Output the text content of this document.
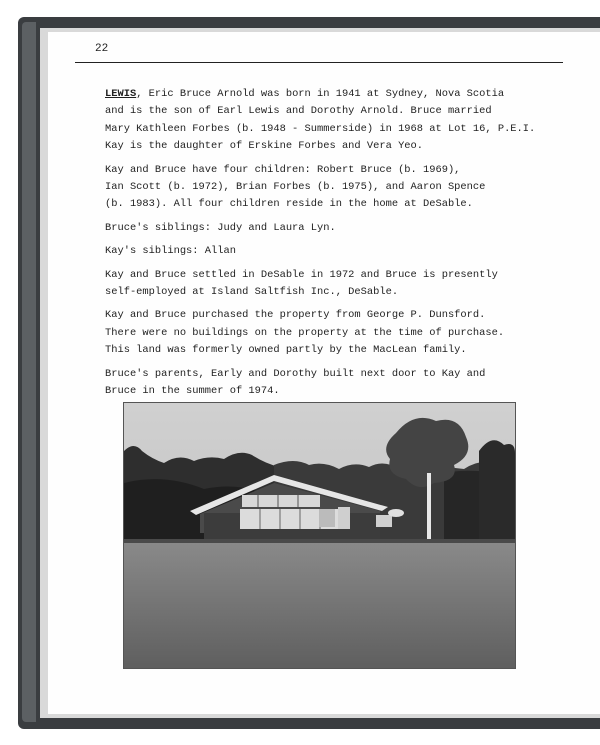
22
LEWIS, Eric Bruce Arnold was born in 1941 at Sydney, Nova Scotia
and is the son of Earl Lewis and Dorothy Arnold. Bruce married
Mary Kathleen Forbes (b. 1948 - Summerside) in 1968 at Lot 16, P.E.I.
Kay is the daughter of Erskine Forbes and Vera Yeo.
Kay and Bruce have four children: Robert Bruce (b. 1969),
Ian Scott (b. 1972), Brian Forbes (b. 1975), and Aaron Spence
(b. 1983). All four children reside in the home at DeSable.
Bruce's siblings: Judy and Laura Lyn.
Kay's siblings: Allan
Kay and Bruce settled in DeSable in 1972 and Bruce is presently
self-employed at Island Saltfish Inc., DeSable.
Kay and Bruce purchased the property from George P. Dunsford.
There were no buildings on the property at the time of purchase.
This land was formerly owned partly by the MacLean family.
Bruce's parents, Early and Dorothy built next door to Kay and
Bruce in the summer of 1974.
